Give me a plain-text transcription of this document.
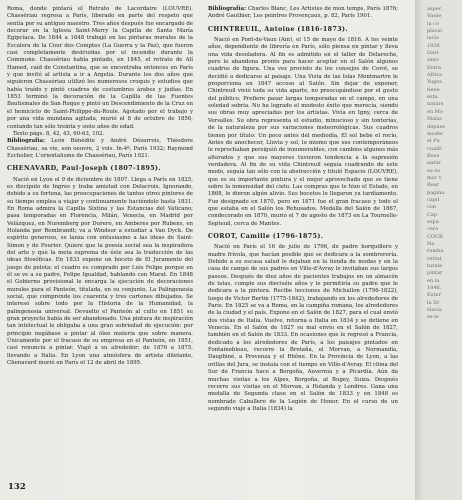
Roma, donde pintará el Retrato de Lacordaire (LOUVRE). Chassériau regresa a París, liberado en parte del respeto que sentía por su antiguo maestro. Tres años después fue encargado de decorar en la Iglesia Saint-Merry la Capilla de Santa María Egipcíaca. De 1844 a 1848 trabajó en las pinturas murales de la Escalera de la Cour des Comptes (La Guerra y la Paz), que fueron casi completamente destruidas por el incendio durante la Commune. Chassériau había pintado, en 1845, el retrato de Alí Hamed, caíd de Constantina, que se encontraba entonces en París y que invitó al artista a ir a Argelia. Durante los dos años que siguieron Chassériau utilizó los numerosos croquis y estudios que había traído y pintó cuadros de costumbres árabes y judías. En 1853 terminó la decoración de la Capilla de las Fuentes Bautismales de San Roque y pintó un Descendimiento de la Cruz en el hemiciclo de Saint-Philippe-du-Roule. Agotado por el trabajo y por una vida mundana agitada, murió el 8 de octubre de 1856, contando tan sólo treinta y siete años de edad.

Texto págs. 8, 42, 43, 60-63, 102.

Bibliografía: León Bénédite y André Dézarrois, Théodore Chassériau, sa vie, son oeuvre, 2 vols. In-4º, París 1932; Raymond Escholier, L'orientalisme de Chassériau, París 1921.

CHENAVARD, Paul-Joseph (1807-1895).

Nació en Lyon el 9 de diciembre de 1807. Llega a París en 1825, es discípulo de Ingres y traba amistad con Delacroix. Ignorando, debido a su fortuna, las preocupaciones de tantos otros pintores de su tiempo emplea a viajar y continuamente haciéndolo hasta 1831. En Roma admira la Capilla Sixtina y las Estancias del Vaticano; pasa temporadas en Florencia, Milán, Venecia, en Madrid por Velázquez, en Nuremberg por Durero, en Amberes por Rubens, en Holanda por Rembrandt; va a Windsor a estudiar a Van Dyck. De espíritu generoso, se lanza con entusiasmo a las ideas de Saint-Simon y de Fourier. Quiere que la poesía social sea la inspiradora del arte y que la meta suprema de éste sea la traducción de las ideas filosóficas. En 1833 expone un boceto de El Juramento del juego de pelota; el cuadro es comprado por Luis Felipe porque en él se ve a su padre, Felipe Igualdad, hablando con Marat. En 1848 el Gobierno provisional le encarga la ejecución de decoraciones murales para el Panteón, titulada, en su conjunto, La Palingenesia social, que comprende los cuarenta y tres cartones dibujados. Se interesó sobre todo por la Historia de la Humanidad, la palingenesia universal. Devuelto el Panteón al culto en 1851 su gran proyecto había de ser abandonado. Una pintura de inspiración tan intelectual le obligaba a una gran sobriedad de ejecución: por principio negábase a pintar al óleo materia que sobre manera. Únicamente por el fracaso de su empresa en el Panteón, en 1851, casi renuncia a pintar. Viajó a su alrededor; de 1876 a 1875, llevando a Italia. En Lyon una atmósfera de artista diletante, Chenavard murió en París el 12 de abril de 1895.

Bibliografía: Charles Blanc, Les Artistes de mon temps, París 1876; André Gauthier, Les peintres Provençaux, p. 82, París 1901.

CHINTREUIL, Antoine (1816-1873).

Nació en Pont-de-Vaux (Ain), el 15 de mayo de 1816. A los veinte años, dependiente de librería en París, sólo piensa en pintar y lleva una vida desoladora. Al fin es admitido en el taller de Delaroche, pero lo abandona pronto para hacer aceptar en el Salón algunos cuadros de figura. Una vez provisto de los consejos de Corot, se decidió a dedicarse al paisaje. Una Vista de las Islas Montmartre le proporciona en 1847 acceso al Salón. Sin dejar de exponer, Chintreuil vivió toda su vida aparte, no preocupándose por el gusto del público. Prefiere pasar largas temporadas en el campo, en una soledad sobria. No ha logrado el modesto éxito que merecía, siendo sus obras muy apreciadas por los artistas. Vivía en Igny, cerca de Versalles. Su obra representa el estudio, minucioso y sin tonterías, de la naturaleza por sus variaciones meteorológicas. Sus cuadros tienen por título: Un poco antes del mediodía, El sol bebe el rocío, Antes de anochecer, Lluvia y sol, lo mismo que sus contemporáneos le reprochaban persiguió de innumerables, con cambios algunos más alterados y que sus mayores tuvieron tendencia a la supresión verdadera. Al fin de su vida Chintreuil seguía cuadrando de este modo, seguía tan sólo con la abstracción y tituló Espacio (LOUVRE), que es su importante pintura y el mejor aprovechado que se tiene sobre la inmensidad del cielo. Las compras que le hizo el Estado, en 1868, le dieron algún alivio. Sus bocetos le llegaron ya tardíamente. Fue designado en 1870, pero en 1871 fue el gran fracaso y todo el que estaba en el Salón los Rehusados. Medalla del Salón de 1867, condecorado en 1870, murió el 7 de agosto de 1873 en La Tournelle-Septeuil, cerca de Mantes.

COROT, Camille (1796-1875).

Nació en París el 16 de julio de 1796, de padre horquillero y madre frívola, que hacían posible que se dedicara a la sombrerería. Debido a su escasa salud le dejaban en la tienda de modas y en la casa de campo de sus padres en Ville-d'Avray le invitaban sus largos paseos. Después de diez años de pacientes trabajos en un almacén de telas, cumple sus dieciséis años y le permitiría su padre que le dedicara a la pintura. Recibe lecciones de Michallon (1796-1822), luego de Victor Bertin (1775-1842), trabajando en los alrededores de París. En 1825 se va a Roma, en la campiña romana, los alrededores de la ciudad y el país. Expone en el Salón de 1827, para el cual envió dos vistas de Italia. Vuelve, retorna a Italia en 1834 y se detiene en Venecia. En el Salón de 1827 su mal envío en el Salón de 1827, también en el Salón de 1833. En ocasiones que le regresó a Francia, dedicado a los alrededores de París, a los paisajes pintados en Fontainebleau, recorre la Bretaña, el Morvan, a Normandía, Dauphiné, a Provenza y el Rhône. En la Provincia de Lyon, a las orillas del Jura, se instala con el tiempo en Ville-d'Avray. El clima del Sur de Francia hace a Borgoña, Auvernia y a Picardía. Aún da muchas visitas a los Alpes, Borgoña, al Bugey, Suiza. Después recorre sus visitas en el Morvan, a Holanda y Londres. Gana una medalla de Segunda clase en el Salón de 1833 y en 1848 es nombrado Caballero de la Legión de Honor. En el curso de un segundo viaje a Italia (1834) la

aspec
Vasse
la co
plació
lacio
1838
Gast
sano
Entre
Africa
Yugos
tiene
esta
naturs
en Mo
Malac
depuse
moder
el Pu
cuadr
Buse
natur
su su
mar v
Rear
pagina
capit
con
Cap
espa
cera
COUR
Na
ramba
retrat
turale
pintar
en la
1846,
Exter
la Dr
Hacia
se le
132
